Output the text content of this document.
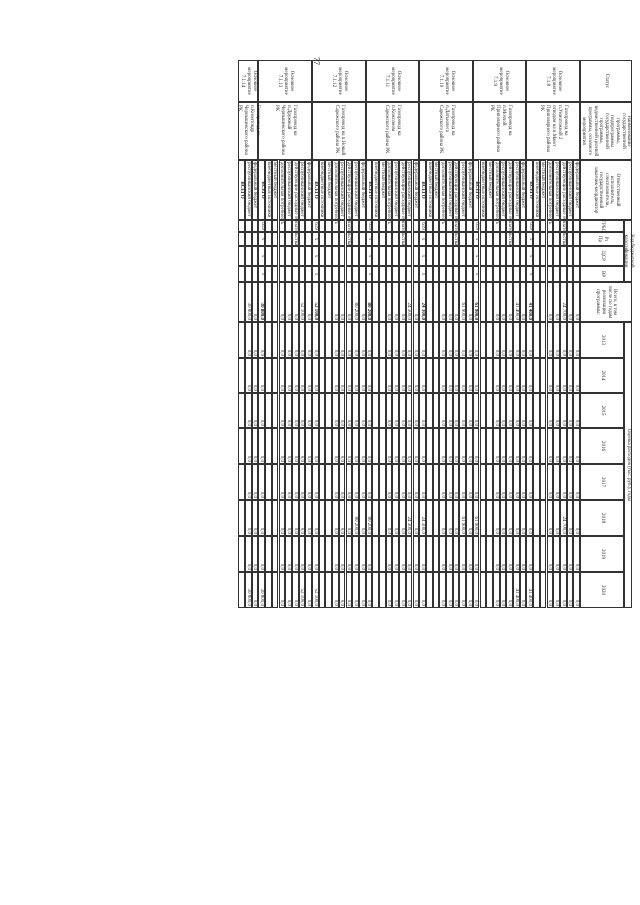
77
Статус
Наименование государственной программы, подпрограммы государственной программы, ведомственной целевой программы, основного мероприятия
Ответственный исполнитель, соисполнители, государственный заказчик-координатор
Код бюджетной классификации
ГРБС
Рз Пр
ЦСР
ВР
Всего, в том числе по годам реализации программы:
Оценка расходов (тыс. руб.), годы
2013
2014
2015
2016
2017
2018
2019
2020
Основное мероприятие 7.1.8
Газопровод на п.Уничтожной 2 отводом на п.Мают Приполярного района РК
федеральный бюджет
0,0
0,0
0,0
0,0
0,0
0,0
0,0
0,0
0,0
республиканский бюджет
0,0
0,0
0,0
0,0
0,0
0,0
0,0
0,0
0,0
действующие расходные обязательства
24 700,0
0,0
0,0
0,0
0,0
0,0
24 700,0
0,0
0,0
республиканский бюджет
0,0
0,0
0,0
0,0
0,0
0,0
0,0
0,0
0,0
дополнительная потребность
0,0
0,0
0,0
0,0
0,0
0,0
0,0
0,0
0,0
местный бюджет
внебюджетные источники
ВСЕГО
619
x
x
x
41 400,0
0,0
0,0
0,0
0,0
0,0
0,0
0,0
41 400,0
Основное мероприятие 7.1.9
Газопровод на п.Мохчой Приполярного района РК
федеральный бюджет
0,0
0,0
0,0
0,0
0,0
0,0
0,0
0,0
0,0
республиканский бюджет
41 400,0
0,0
0,0
0,0
0,0
0,0
0,0
0,0
41 400,0
действующие расходные обязательства
0,0
0,0
0,0
0,0
0,0
0,0
0,0
0,0
0,0
республиканский бюджет
0,0
0,0
0,0
0,0
0,0
0,0
0,0
0,0
0,0
дополнительная потребность
0,0
0,0
0,0
0,0
0,0
0,0
0,0
0,0
0,0
местный бюджет
внебюджетные источники
ВСЕГО
619
x
x
x
61 900,0
0,0
0,0
0,0
0,0
0,0
61 900,0
0,0
0,0
Основное мероприятие 7.1.10
Газопровод на п.Датъюлега Сарежского района РК
федеральный бюджет
0,0
0,0
0,0
0,0
0,0
0,0
0,0
0,0
0,0
республиканский бюджет
61 900,0
0,0
0,0
0,0
0,0
0,0
61 900,0
0,0
0,0
действующие расходные обязательства
0,0
0,0
0,0
0,0
0,0
0,0
0,0
0,0
0,0
республиканский бюджет
0,0
0,0
0,0
0,0
0,0
0,0
0,0
0,0
0,0
дополнительная потребность
0,0
0,0
0,0
0,0
0,0
0,0
0,0
0,0
0,0
местный бюджет
внебюджетные источники
ВСЕГО
619
x
x
x
24 300,0
0,0
0,0
0,0
0,0
0,0
24 300,0
0,0
0,0
Основное мероприятие 7.1.11
Газопровод на п.Кожсомом Сарежского района РК
федеральный бюджет
0,0
0,0
0,0
0,0
0,0
0,0
0,0
0,0
0,0
республиканский бюджет
24 300,0
0,0
0,0
0,0
0,0
0,0
24 300,0
0,0
0,0
действующие расходные обязательства
0,0
0,0
0,0
0,0
0,0
0,0
0,0
0,0
0,0
республиканский бюджет
0,0
0,0
0,0
0,0
0,0
0,0
0,0
0,0
0,0
дополнительная потребность
0,0
0,0
0,0
0,0
0,0
0,0
0,0
0,0
0,0
местный бюджет
внебюджетные источники
ВСЕГО
619
x
x
x
80 200,0
0,0
0,0
0,0
0,0
0,0
80 200,0
0,0
0,0
Основное мероприятие 7.1.12
Газопровод на п.Новый Сарежского района РК
федеральный бюджет
0,0
0,0
0,0
0,0
0,0
0,0
0,0
0,0
0,0
республиканский бюджет
80 200,0
0,0
0,0
0,0
0,0
0,0
80 200,0
0,0
0,0
действующие расходные обязательства
0,0
0,0
0,0
0,0
0,0
0,0
0,0
0,0
0,0
республиканский бюджет
0,0
0,0
0,0
0,0
0,0
0,0
0,0
0,0
0,0
дополнительная потребность
0,0
0,0
0,0
0,0
0,0
0,0
0,0
0,0
0,0
местный бюджет
внебюджетные источники
ВСЕГО
619
x
x
x
52 100,0
0,0
0,0
0,0
0,0
0,0
0,0
0,0
52 100,0
Основное мероприятие 7.1.13
Газопровод на п.Дружный Чернышевского района РК
федеральный бюджет
0,0
0,0
0,0
0,0
0,0
0,0
0,0
0,0
0,0
республиканский бюджет
52 100,0
0,0
0,0
0,0
0,0
0,0
0,0
0,0
52 100,0
действующие расходные обязательства
0,0
0,0
0,0
0,0
0,0
0,0
0,0
0,0
0,0
республиканский бюджет
0,0
0,0
0,0
0,0
0,0
0,0
0,0
0,0
0,0
дополнительная потребность
0,0
0,0
0,0
0,0
0,0
0,0
0,0
0,0
0,0
местный бюджет
внебюджетные источники
ВСЕГО
619
x
x
x
30 800,0
0,0
0,0
0,0
0,0
0,0
0,0
0,0
30 800,0
Основное мероприятие 7.1.14
Газопровод на п.Кноитовдр Чернышевского района РК
федеральный бюджет
0,0
0,0
0,0
0,0
0,0
0,0
0,0
0,0
0,0
республиканский бюджет
30 800,0
0,0
0,0
0,0
0,0
0,0
0,0
0,0
30 800,0
ВСЕГО
